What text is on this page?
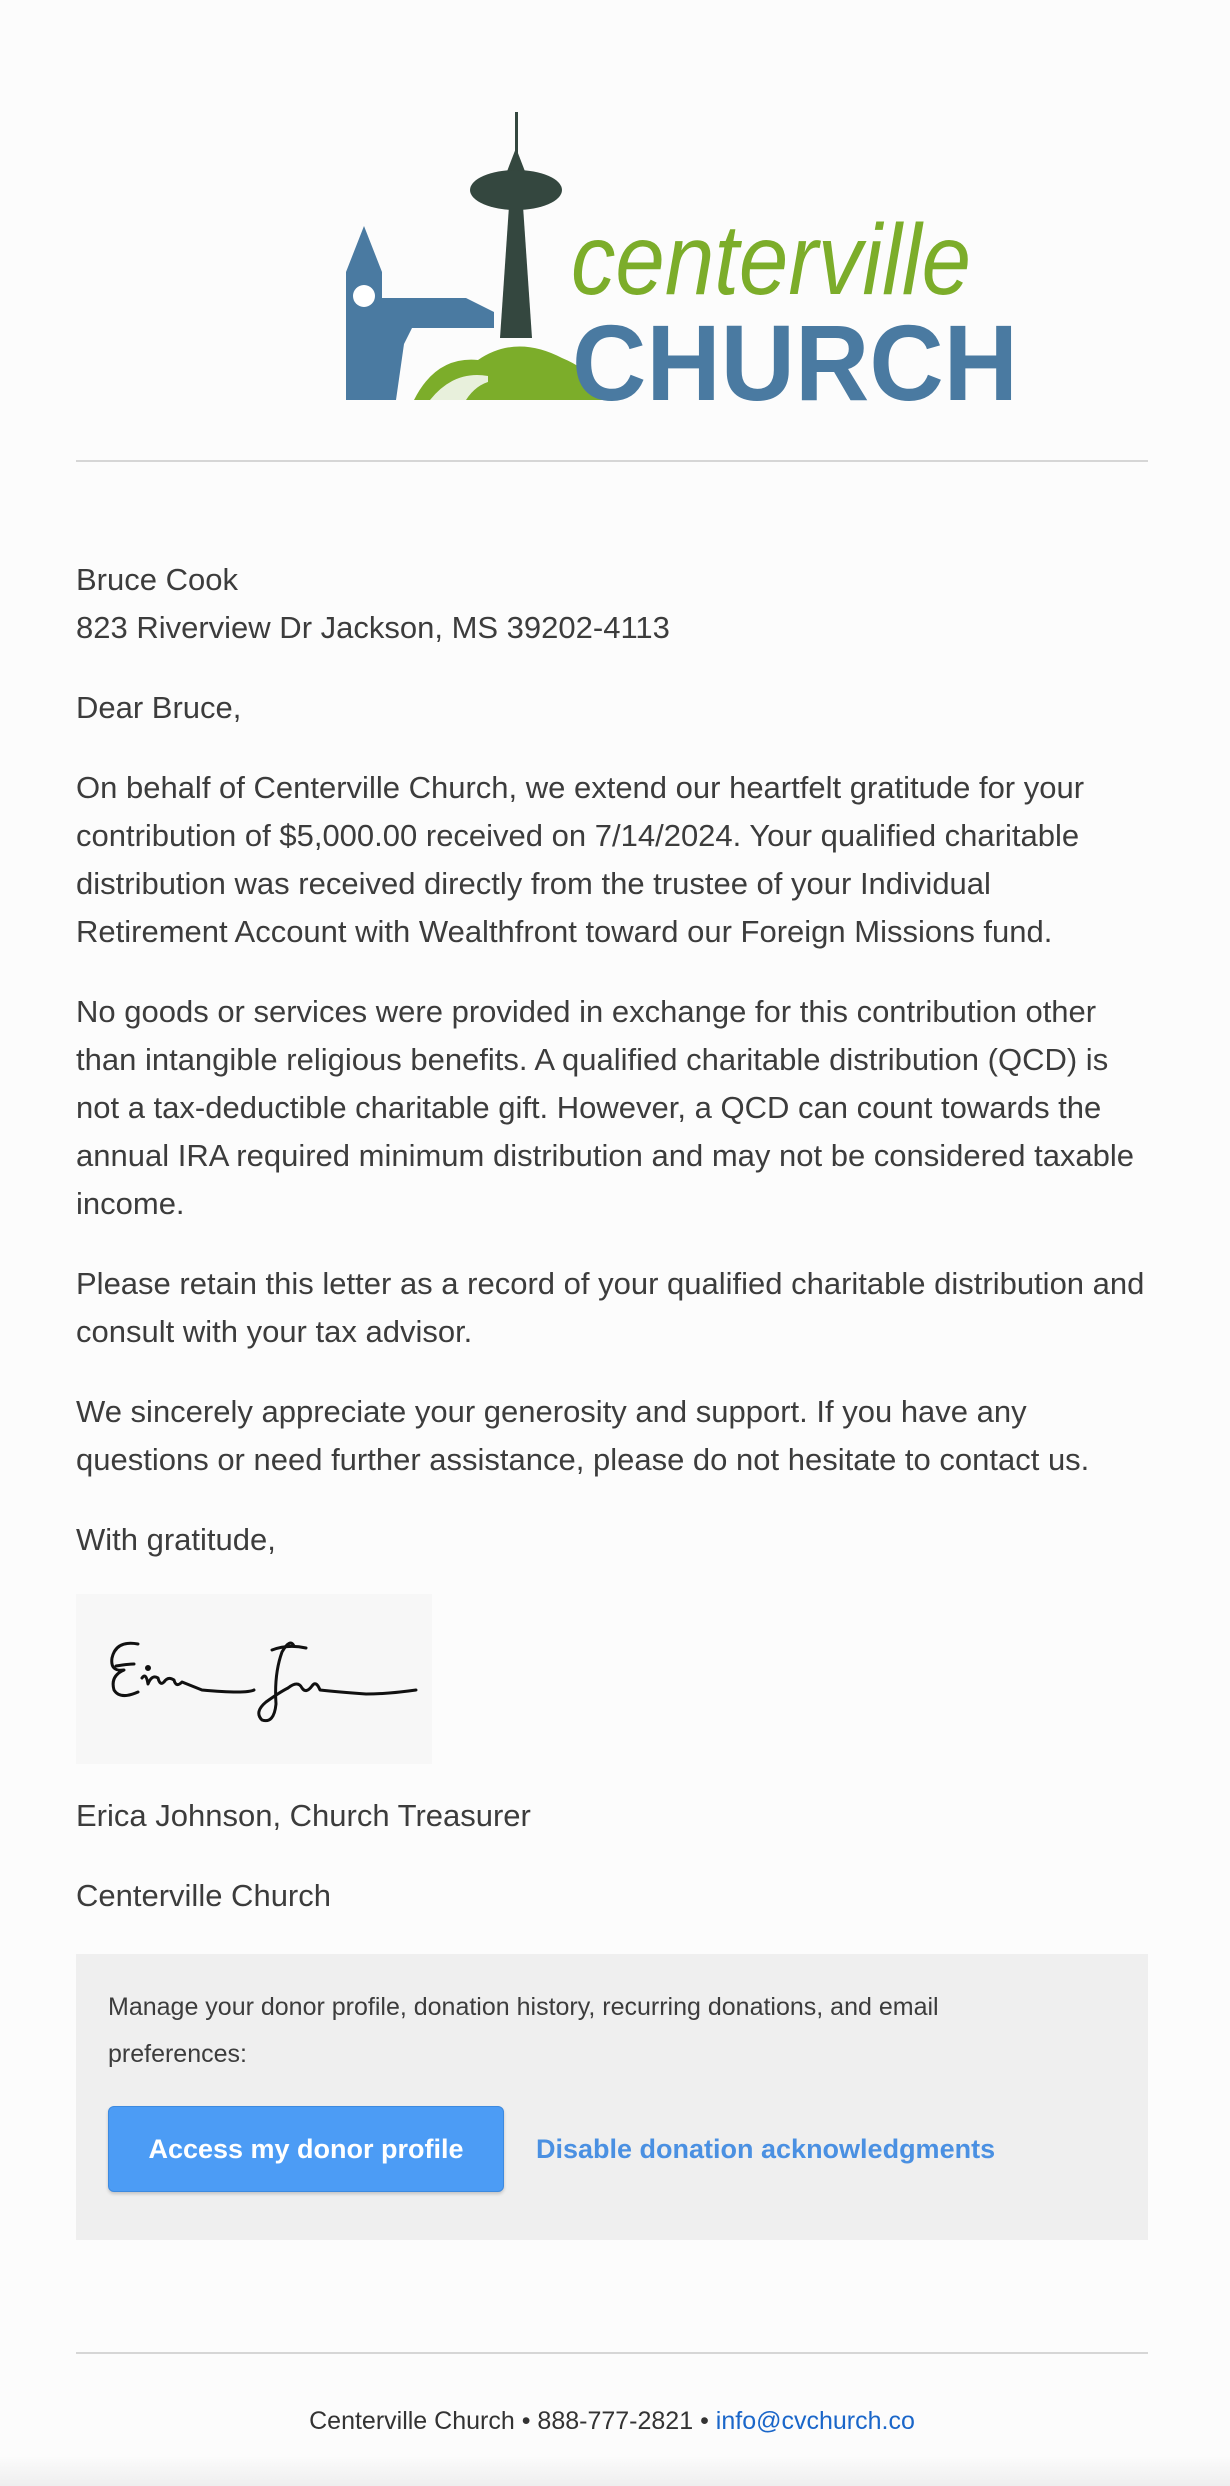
centerville
CHURCH

Bruce Cook
823 Riverview Dr Jackson, MS 39202-4113

Dear Bruce,

On behalf of Centerville Church, we extend our heartfelt gratitude for your contribution of $5,000.00 received on 7/14/2024. Your qualified charitable distribution was received directly from the trustee of your Individual Retirement Account with Wealthfront toward our Foreign Missions fund.

No goods or services were provided in exchange for this contribution other than intangible religious benefits. A qualified charitable distribution (QCD) is not a tax-deductible charitable gift. However, a QCD can count towards the annual IRA required minimum distribution and may not be considered taxable income.

Please retain this letter as a record of your qualified charitable distribution and consult with your tax advisor.

We sincerely appreciate your generosity and support. If you have any questions or need further assistance, please do not hesitate to contact us.

With gratitude,

Erica Johnson, Church Treasurer
Centerville Church
Manage your donor profile, donation history, recurring donations, and email preferences:
Access my donor profile	Disable donation acknowledgments
Centerville Church • 888-777-2821 • info@cvchurch.co
